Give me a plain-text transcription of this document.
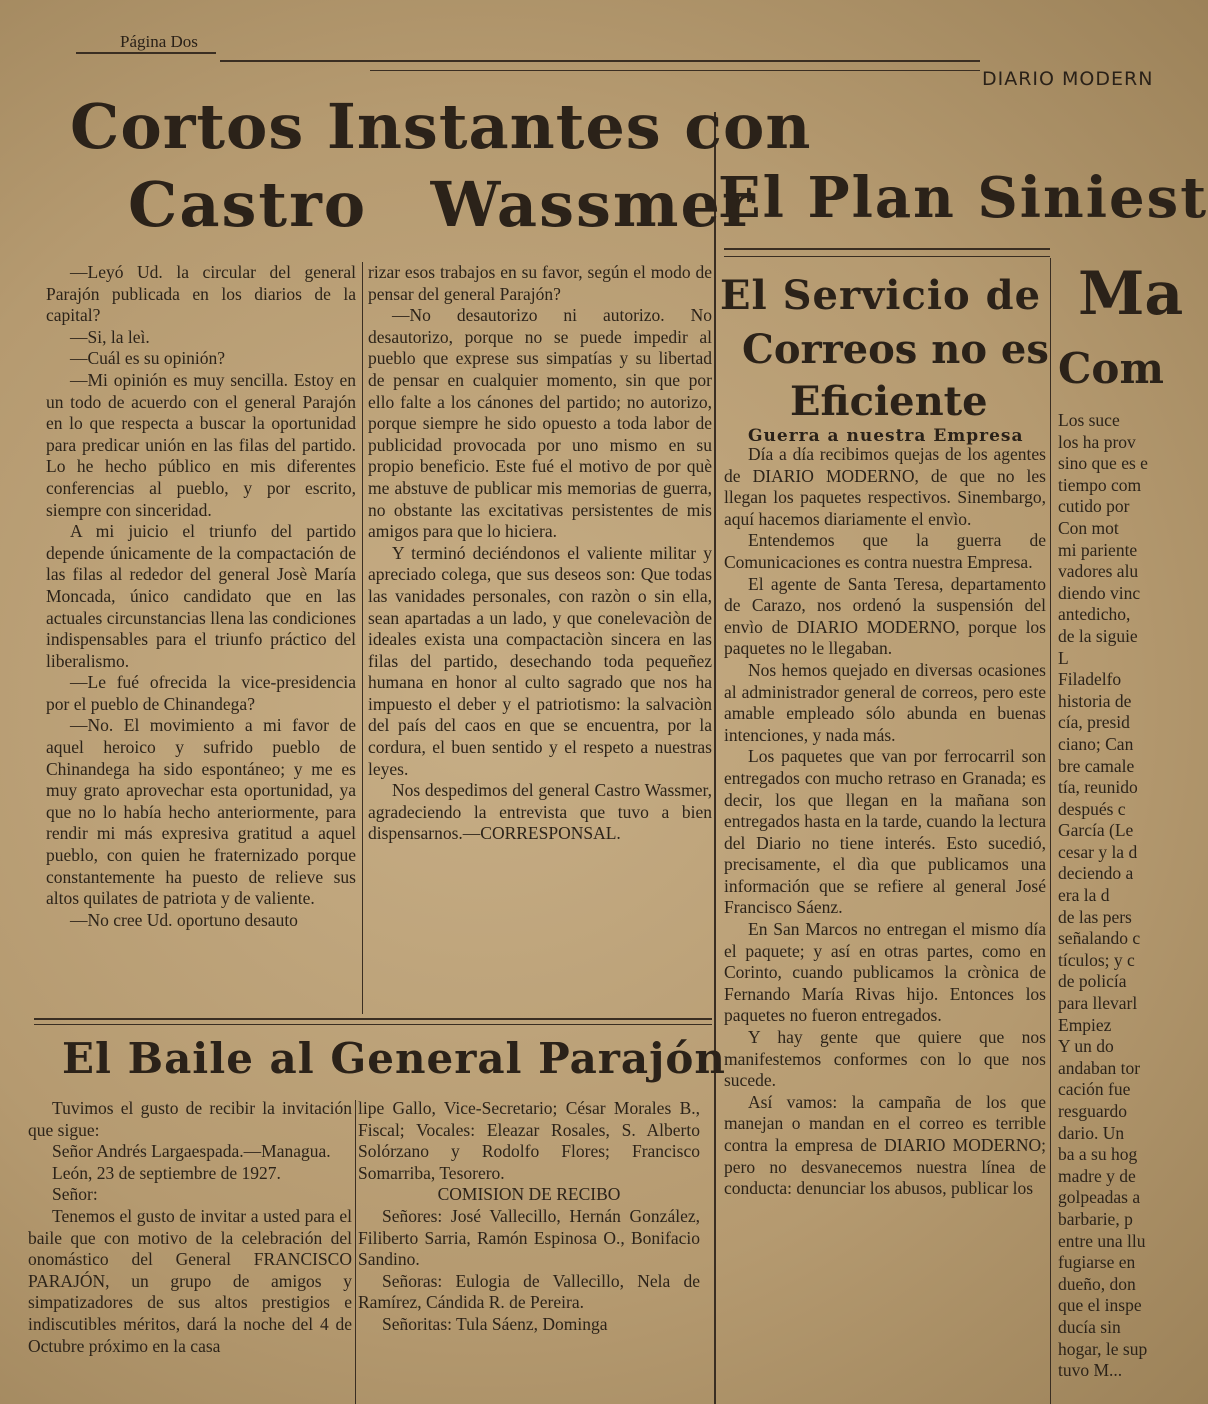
Página Dos
DIARIO MODERN
Cortos Instantes con
Castro Wassmer
El Plan Siniest
El Servicio de
Correos no es
Eficiente
Ma
Com
El Baile al General Parajón
Guerra a nuestra Empresa

—Leyó Ud. la circular del general Parajón publicada en los diarios de la capital?

—Si, la leì.

—Cuál es su opinión?

—Mi opinión es muy sencilla. Estoy en un todo de acuerdo con el general Parajón en lo que respecta a buscar la oportunidad para predicar unión en las filas del partido. Lo he hecho público en mis diferentes conferencias al pueblo, y por escrito, siempre con sinceridad.

A mi juicio el triunfo del partido depende únicamente de la compactación de las filas al rededor del general Josè María Moncada, único candidato que en las actuales circunstancias llena las condiciones indispensables para el triunfo práctico del liberalismo.

—Le fué ofrecida la vice-presidencia por el pueblo de Chinandega?

—No. El movimiento a mi favor de aquel heroico y sufrido pueblo de Chinandega ha sido espontáneo; y me es muy grato aprovechar esta oportunidad, ya que no lo había hecho anteriormente, para rendir mi más expresiva gratitud a aquel pueblo, con quien he fraternizado porque constantemente ha puesto de relieve sus altos quilates de patriota y de valiente.

—No cree Ud. oportuno desauto

rizar esos trabajos en su favor, según el modo de pensar del general Parajón?

—No desautorizo ni autorizo. No desautorizo, porque no se puede impedir al pueblo que exprese sus simpatías y su libertad de pensar en cualquier momento, sin que por ello falte a los cánones del partido; no autorizo, porque siempre he sido opuesto a toda labor de publicidad provocada por uno mismo en su propio beneficio. Este fué el motivo de por què me abstuve de publicar mis memorias de guerra, no obstante las excitativas persistentes de mis amigos para que lo hiciera.

Y terminó deciéndonos el valiente militar y apreciado colega, que sus deseos son: Que todas las vanidades personales, con razòn o sin ella, sean apartadas a un lado, y que conelevaciòn de ideales exista una compactaciòn sincera en las filas del partido, desechando toda pequeñez humana en honor al culto sagrado que nos ha impuesto el deber y el patriotismo: la salvaciòn del país del caos en que se encuentra, por la cordura, el buen sentido y el respeto a nuestras leyes.

Nos despedimos del general Castro Wassmer, agradeciendo la entrevista que tuvo a bien dispensarnos.—CORRESPONSAL.

Día a día recibimos quejas de los agentes de DIARIO MODERNO, de que no les llegan los paquetes respectivos. Sinembargo, aquí hacemos diariamente el envìo.

Entendemos que la guerra de Comunicaciones es contra nuestra Empresa.

El agente de Santa Teresa, departamento de Carazo, nos ordenó la suspensión del envìo de DIARIO MODERNO, porque los paquetes no le llegaban.

Nos hemos quejado en diversas ocasiones al administrador general de correos, pero este amable empleado sólo abunda en buenas intenciones, y nada más.

Los paquetes que van por ferrocarril son entregados con mucho retraso en Granada; es decir, los que llegan en la mañana son entregados hasta en la tarde, cuando la lectura del Diario no tiene interés. Esto sucedió, precisamente, el dìa que publicamos una información que se refiere al general José Francisco Sáenz.

En San Marcos no entregan el mismo día el paquete; y así en otras partes, como en Corinto, cuando publicamos la crònica de Fernando María Rivas hijo. Entonces los paquetes no fueron entregados.

Y hay gente que quiere que nos manifestemos conformes con lo que nos sucede.

Así vamos: la campaña de los que manejan o mandan en el correo es terrible contra la empresa de DIARIO MODERNO; pero no desvanecemos nuestra línea de conducta: denunciar los abusos, publicar los

Los suce

los ha prov

sino que es e

tiempo com

cutido por

Con mot

mi pariente

vadores alu

diendo vinc

antedicho,

de la siguie

L

Filadelfo

historia de

cía, presid

ciano; Can

bre camale

tía, reunido

después c

García (Le

cesar y la d

deciendo a

era la d

de las pers

señalando c

tículos; y c

de policía

para llevarl

Empiez

Y un do

andaban tor

cación fue

resguardo

dario. Un

ba a su hog

madre y de

golpeadas a

barbarie, p

entre una llu

fugiarse en

dueño, don

que el inspe

ducía sin

hogar, le sup

tuvo M...

Tuvimos el gusto de recibir la invitación que sigue:

Señor Andrés Largaespada.—Managua.

León, 23 de septiembre de 1927.

Señor:

Tenemos el gusto de invitar a usted para el baile que con motivo de la celebración del onomástico del General FRANCISCO PARAJÓN, un grupo de amigos y simpatizadores de sus altos prestigios e indiscutibles méritos, dará la noche del 4 de Octubre próximo en la casa

lipe Gallo, Vice-Secretario; César Morales B., Fiscal; Vocales: Eleazar Rosales, S. Alberto Solórzano y Rodolfo Flores; Francisco Somarriba, Tesorero.

COMISION DE RECIBO

Señores: José Vallecillo, Hernán González, Filiberto Sarria, Ramón Espinosa O., Bonifacio Sandino.

Señoras: Eulogia de Vallecillo, Nela de Ramírez, Cándida R. de Pereira.

Señoritas: Tula Sáenz, Dominga
